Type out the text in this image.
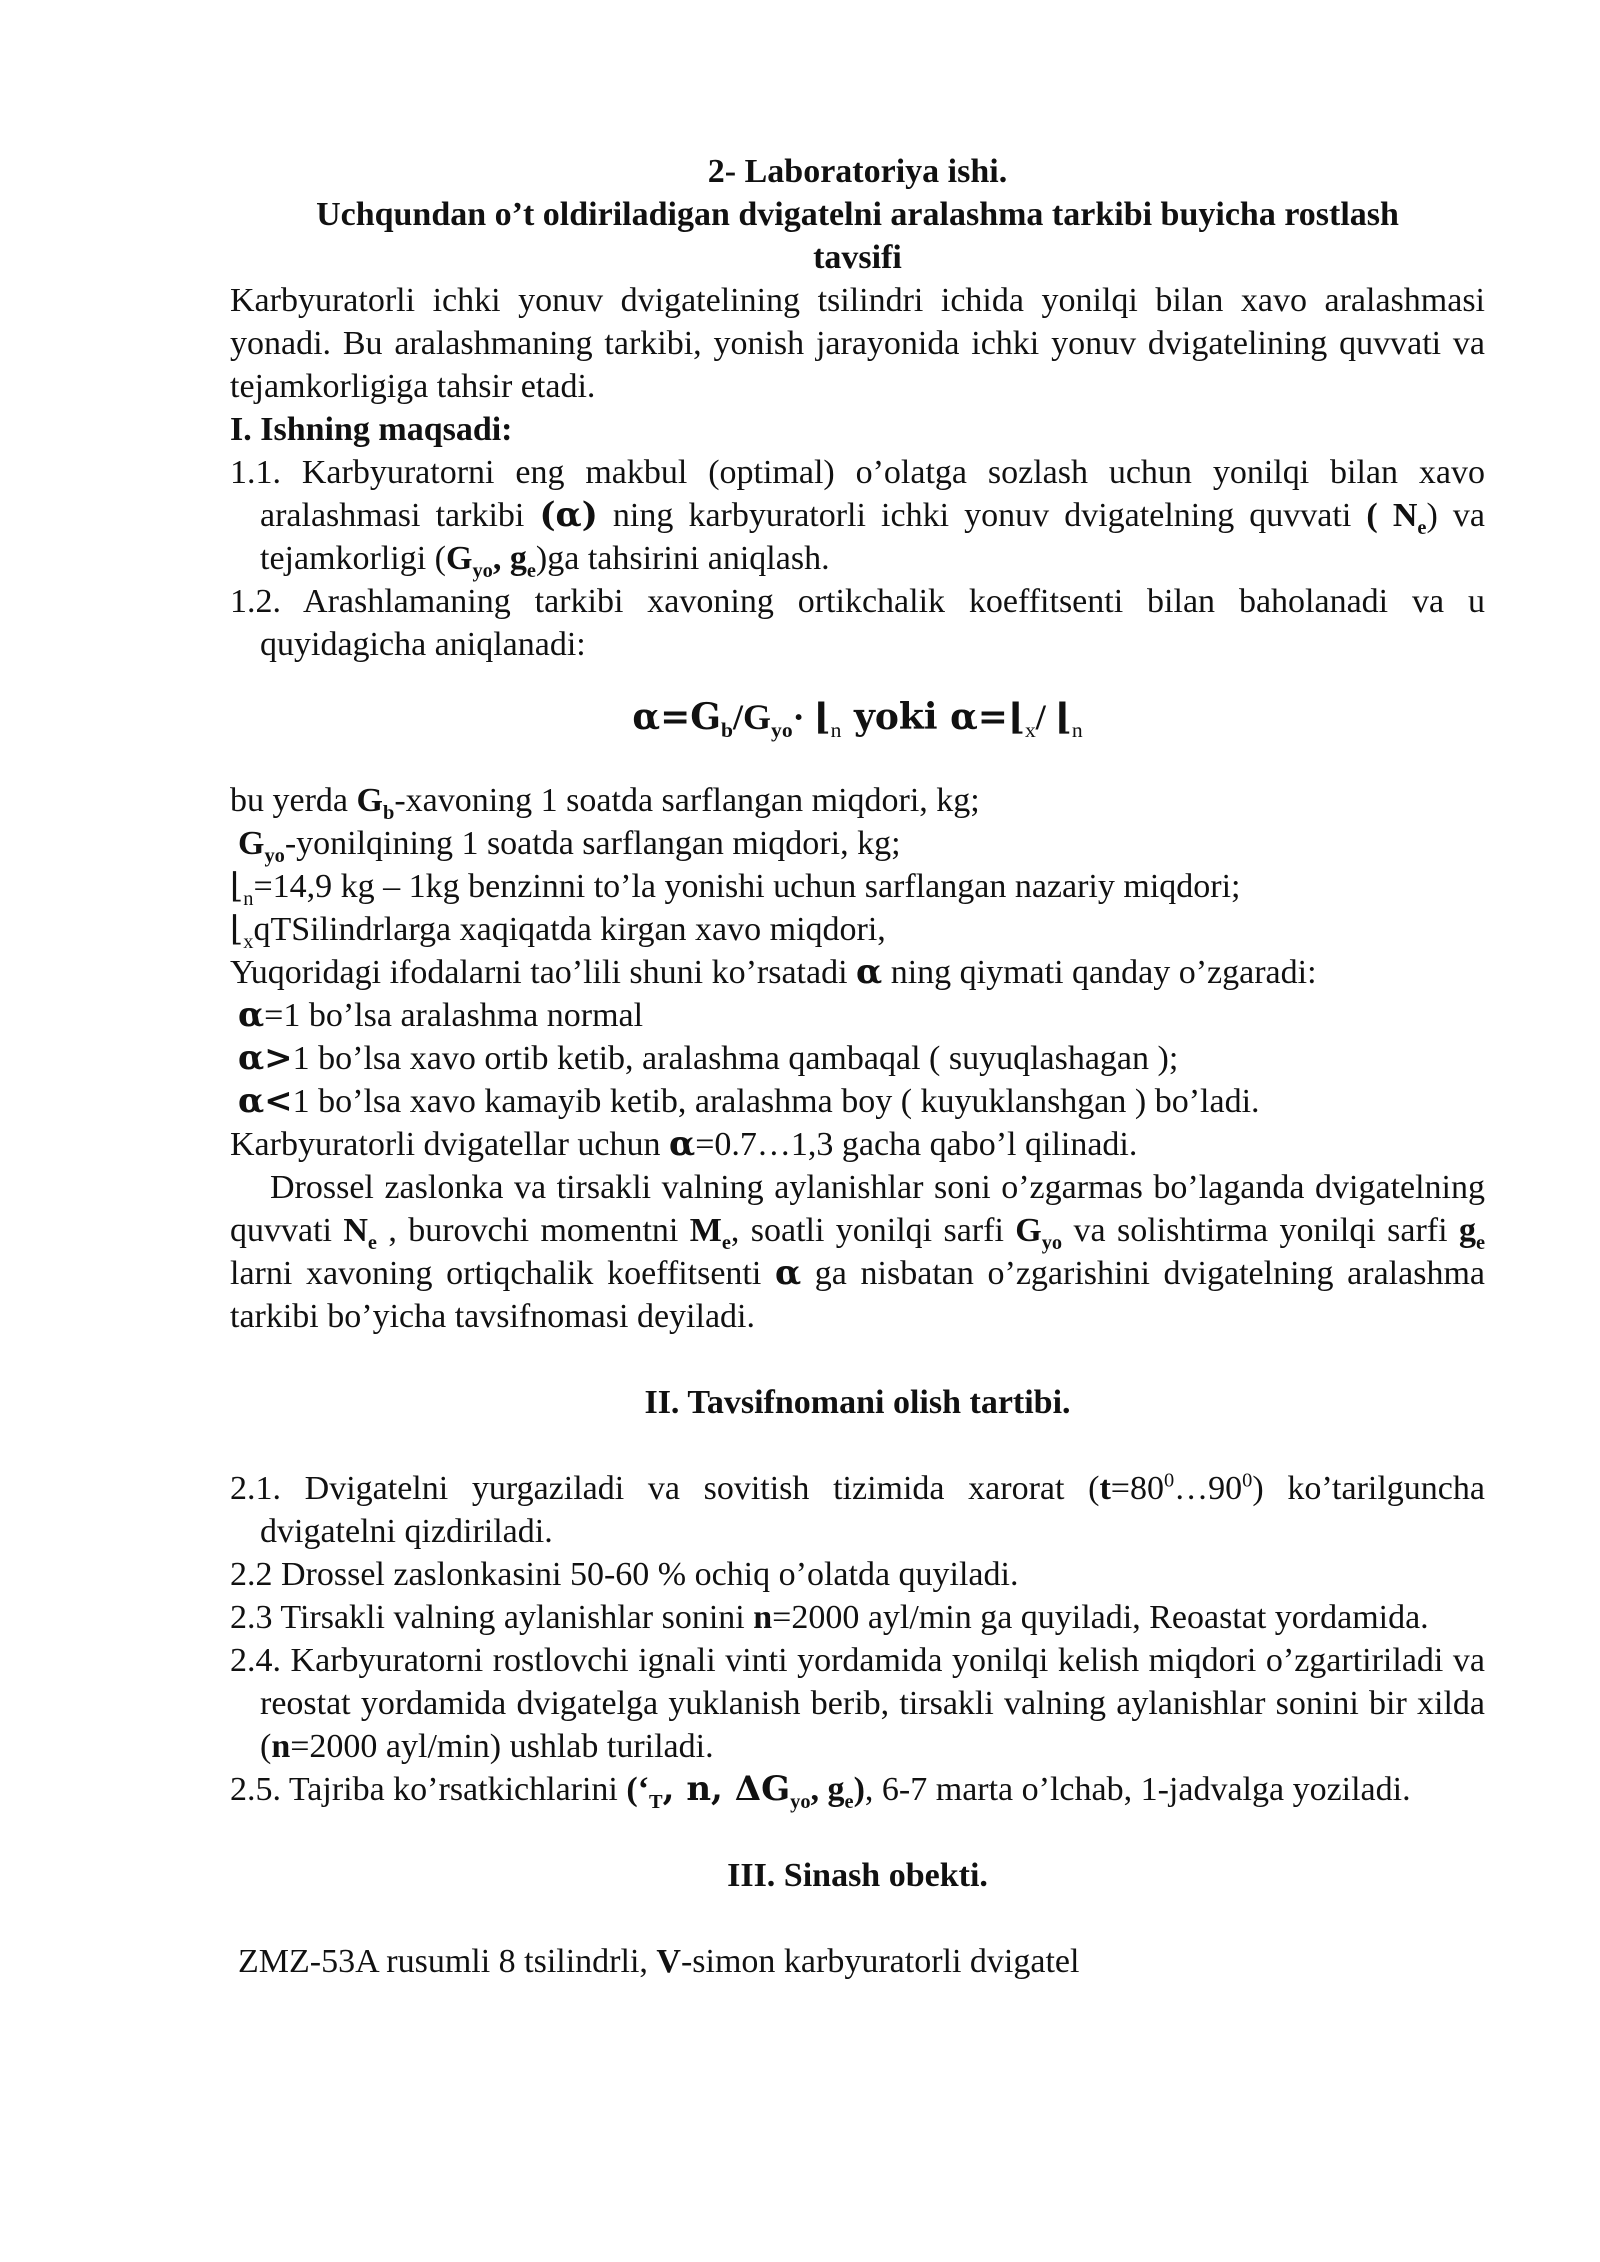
2- Laboratoriya ishi.
Uchqundan o’t oldiriladigan dvigatelni aralashma tarkibi buyicha rostlash
tavsifi
Karbyuratorli ichki yonuv dvigatelining tsilindri ichida yonilqi bilan xavo aralashmasi yonadi. Bu aralashmaning tarkibi, yonish jarayonida ichki yonuv dvigatelining quvvati va tejamkorligiga tahsir etadi.
I. Ishning maqsadi:
1.1. Karbyuratorni eng makbul (optimal) o’olatga sozlash uchun yonilqi bilan xavo aralashmasi tarkibi (α) ning karbyuratorli ichki yonuv dvigatelning quvvati ( $N_e$) va tejamkorligi ($G_{yo}$, $g_e)ga$ tahsirini aniqlash.
1.2. Arashlamaning tarkibi xavoning ortikchalik koeffitsenti bilan baholanadi va u quyidagicha aniqlanadi:
$\alpha=G_b/G_{yo}\cdot$ $⌊_n$ yoki $\alpha=⌊_x/$ $⌊_n$
bu yerda $G_b$-xavoning 1 soatda sarflangan miqdori, kg;
$G_{yo}$-yonilqining 1 soatda sarflangan miqdori, kg;
$⌊_n=14,9$ kg – 1kg benzinni to’la yonishi uchun sarflangan nazariy miqdori;
$⌊_xqTSilindrlarga$ xaqiqatda kirgan xavo miqdori,
Yuqoridagi ifodalarni tao’lili shuni ko’rsatadi α ning qiymati qanday o’zgaradi:
α=1 bo’lsa aralashma normal
α>1 bo’lsa xavo ortib ketib, aralashma qambaqal ( suyuqlashagan );
α<1 bo’lsa xavo kamayib ketib, aralashma boy ( kuyuklanshgan ) bo’ladi.
Karbyuratorli dvigatellar uchun α=0.7…1,3 gacha qabo’l qilinadi.
Drossel zaslonka va tirsakli valning aylanishlar soni o’zgarmas bo’laganda dvigatelning quvvati $N_e$ , burovchi momentni $M_e$, soatli yonilqi sarfi $G_{yo}$ va solishtirma yonilqi sarfi $g_e$ larni xavoning ortiqchalik koeffitsenti α ga nisbatan o’zgarishini dvigatelning aralashma tarkibi bo’yicha tavsifnomasi deyiladi.
II. Tavsifnomani olish tartibi.
2.1. Dvigatelni yurgaziladi va sovitish tizimida xarorat $(t=80^0\dots 90^0)$ ko’tarilguncha dvigatelni qizdiriladi.
2.2 Drossel zaslonkasini 50-60 % ochiq o’olatda quyiladi.
2.3 Tirsakli valning aylanishlar sonini n=2000 ayl/min ga quyiladi, Reoastat yordamida.
2.4. Karbyuratorni rostlovchi ignali vinti yordamida yonilqi kelish miqdori o’zgartiriladi va reostat yordamida dvigatelga yuklanish berib, tirsakli valning aylanishlar sonini bir xilda (n=2000 ayl/min) ushlab turiladi.
2.5. Tajriba ko’rsatkichlarini (‘$_T$, n, $\Delta G_{yo}$, $g_e$), 6-7 marta o’lchab, 1-jadvalga yoziladi.
III. Sinash obekti.
ZMZ-53A rusumli 8 tsilindrli, V-simon karbyuratorli dvigatel
